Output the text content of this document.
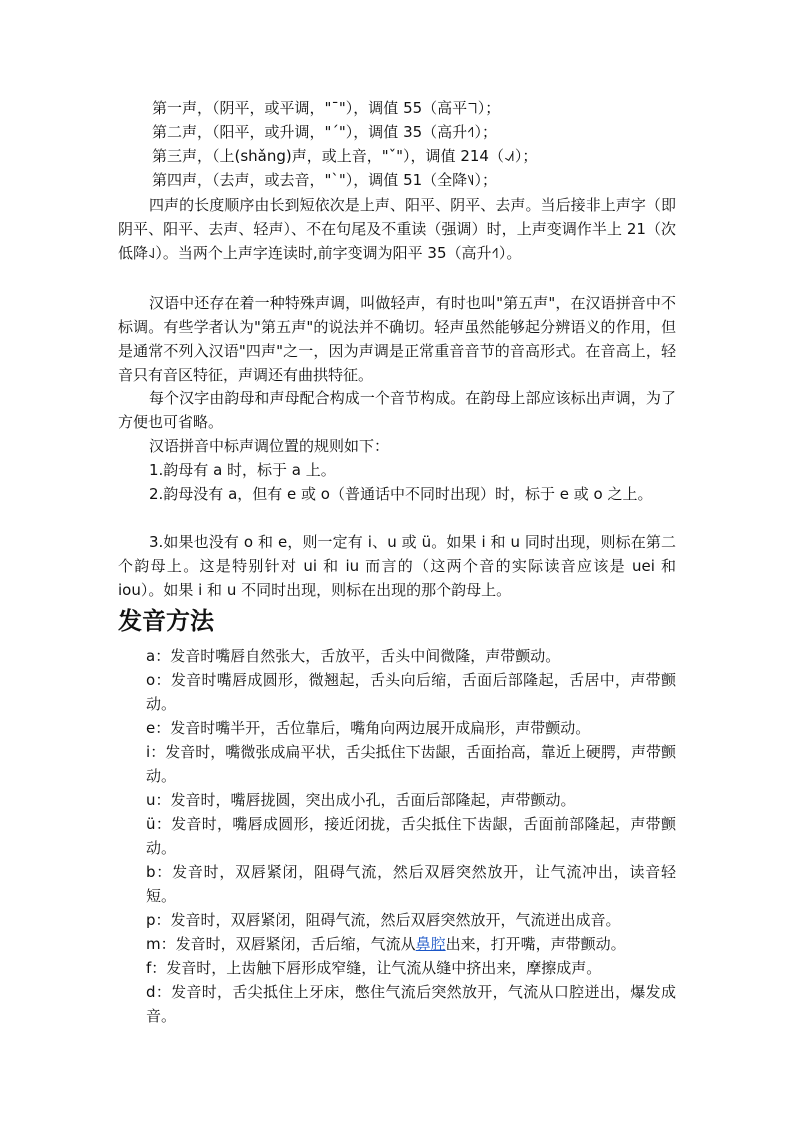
第一声，（阴平，或平调，"ˉ"），调值 55（高平˥˥）；

第二声，（阳平，或升调，"ˊ"），调值 35（高升˧˥）；

第三声，（上(shǎng)声，或上音，"ˇ"），调值 214（˨˩˦）；

第四声，（去声，或去音，"ˋ"），调值 51（全降˥˩）；

四声的长度顺序由长到短依次是上声、阳平、阴平、去声。当后接非上声字（即阴平、阳平、去声、轻声）、不在句尾及不重读（强调）时，上声变调作半上 21（次低降˨˩）。当两个上声字连读时,前字变调为阳平 35（高升˧˥）。

汉语中还存在着一种特殊声调，叫做轻声，有时也叫"第五声"，在汉语拼音中不标调。有些学者认为"第五声"的说法并不确切。轻声虽然能够起分辨语义的作用，但是通常不列入汉语"四声"之一，因为声调是正常重音音节的音高形式。在音高上，轻音只有音区特征，声调还有曲拱特征。

每个汉字由韵母和声母配合构成一个音节构成。在韵母上部应该标出声调，为了方便也可省略。

汉语拼音中标声调位置的规则如下：

1.韵母有 a 时，标于 a 上。

2.韵母没有 a，但有 e 或 o（普通话中不同时出现）时，标于 e 或 o 之上。

3.如果也没有 o 和 e，则一定有 i、u 或 ü。如果 i 和 u 同时出现，则标在第二个韵母上。这是特别针对 ui 和 iu 而言的（这两个音的实际读音应该是 uei 和 iou）。如果 i 和 u 不同时出现，则标在出现的那个韵母上。

发音方法

a：发音时嘴唇自然张大，舌放平，舌头中间微隆，声带颤动。

o：发音时嘴唇成圆形，微翘起，舌头向后缩，舌面后部隆起，舌居中，声带颤动。

e：发音时嘴半开，舌位靠后，嘴角向两边展开成扁形，声带颤动。

i：发音时，嘴微张成扁平状，舌尖抵住下齿龈，舌面抬高，靠近上硬腭，声带颤动。

u：发音时，嘴唇拢圆，突出成小孔，舌面后部隆起，声带颤动。

ü：发音时，嘴唇成圆形，接近闭拢，舌尖抵住下齿龈，舌面前部隆起，声带颤动。

b：发音时，双唇紧闭，阻碍气流，然后双唇突然放开，让气流冲出，读音轻短。

p：发音时，双唇紧闭，阻碍气流，然后双唇突然放开，气流迸出成音。

m：发音时，双唇紧闭，舌后缩，气流从鼻腔出来，打开嘴，声带颤动。

f：发音时，上齿触下唇形成窄缝，让气流从缝中挤出来，摩擦成声。

d：发音时，舌尖抵住上牙床，憋住气流后突然放开，气流从口腔迸出，爆发成音。
